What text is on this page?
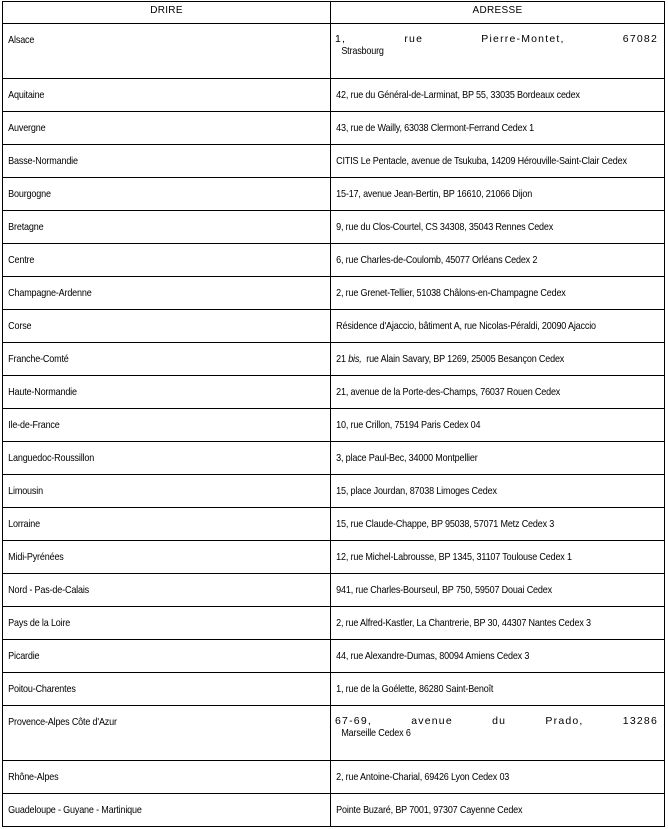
DRIRE	ADRESSE
Alsace	1, rue Pierre-Montet, 67082
Strasbourg

Aquitaine	42, rue du Général-de-Larminat, BP 55, 33035 Bordeaux cedex
Auvergne	43, rue de Wailly, 63038 Clermont-Ferrand Cedex 1
Basse-Normandie	CITIS Le Pentacle, avenue de Tsukuba, 14209 Hérouville-Saint-Clair Cedex
Bourgogne	15-17, avenue Jean-Bertin, BP 16610, 21066 Dijon
Bretagne	9, rue du Clos-Courtel, CS 34308, 35043 Rennes Cedex
Centre	6, rue Charles-de-Coulomb, 45077 Orléans Cedex 2
Champagne-Ardenne	2, rue Grenet-Tellier, 51038 Châlons-en-Champagne Cedex
Corse	Résidence d'Ajaccio, bâtiment A, rue Nicolas-Péraldi, 20090 Ajaccio
Franche-Comté	21 bis,  rue Alain Savary, BP 1269, 25005 Besançon Cedex
Haute-Normandie	21, avenue de la Porte-des-Champs, 76037 Rouen Cedex
Ile-de-France	10, rue Crillon, 75194 Paris Cedex 04
Languedoc-Roussillon	3, place Paul-Bec, 34000 Montpellier
Limousin	15, place Jourdan, 87038 Limoges Cedex
Lorraine	15, rue Claude-Chappe, BP 95038, 57071 Metz Cedex 3
Midi-Pyrénées	12, rue Michel-Labrousse, BP 1345, 31107 Toulouse Cedex 1
Nord - Pas-de-Calais	941, rue Charles-Bourseul, BP 750, 59507 Douai Cedex
Pays de la Loire	2, rue Alfred-Kastler, La Chantrerie, BP 30, 44307 Nantes Cedex 3
Picardie	44, rue Alexandre-Dumas, 80094 Amiens Cedex 3
Poitou-Charentes	1, rue de la Goélette, 86280 Saint-Benoît
Provence-Alpes Côte d'Azur	67-69, avenue du Prado, 13286
Marseille Cedex 6

Rhône-Alpes	2, rue Antoine-Charial, 69426 Lyon Cedex 03
Guadeloupe - Guyane - Martinique	Pointe Buzaré, BP 7001, 97307 Cayenne Cedex
